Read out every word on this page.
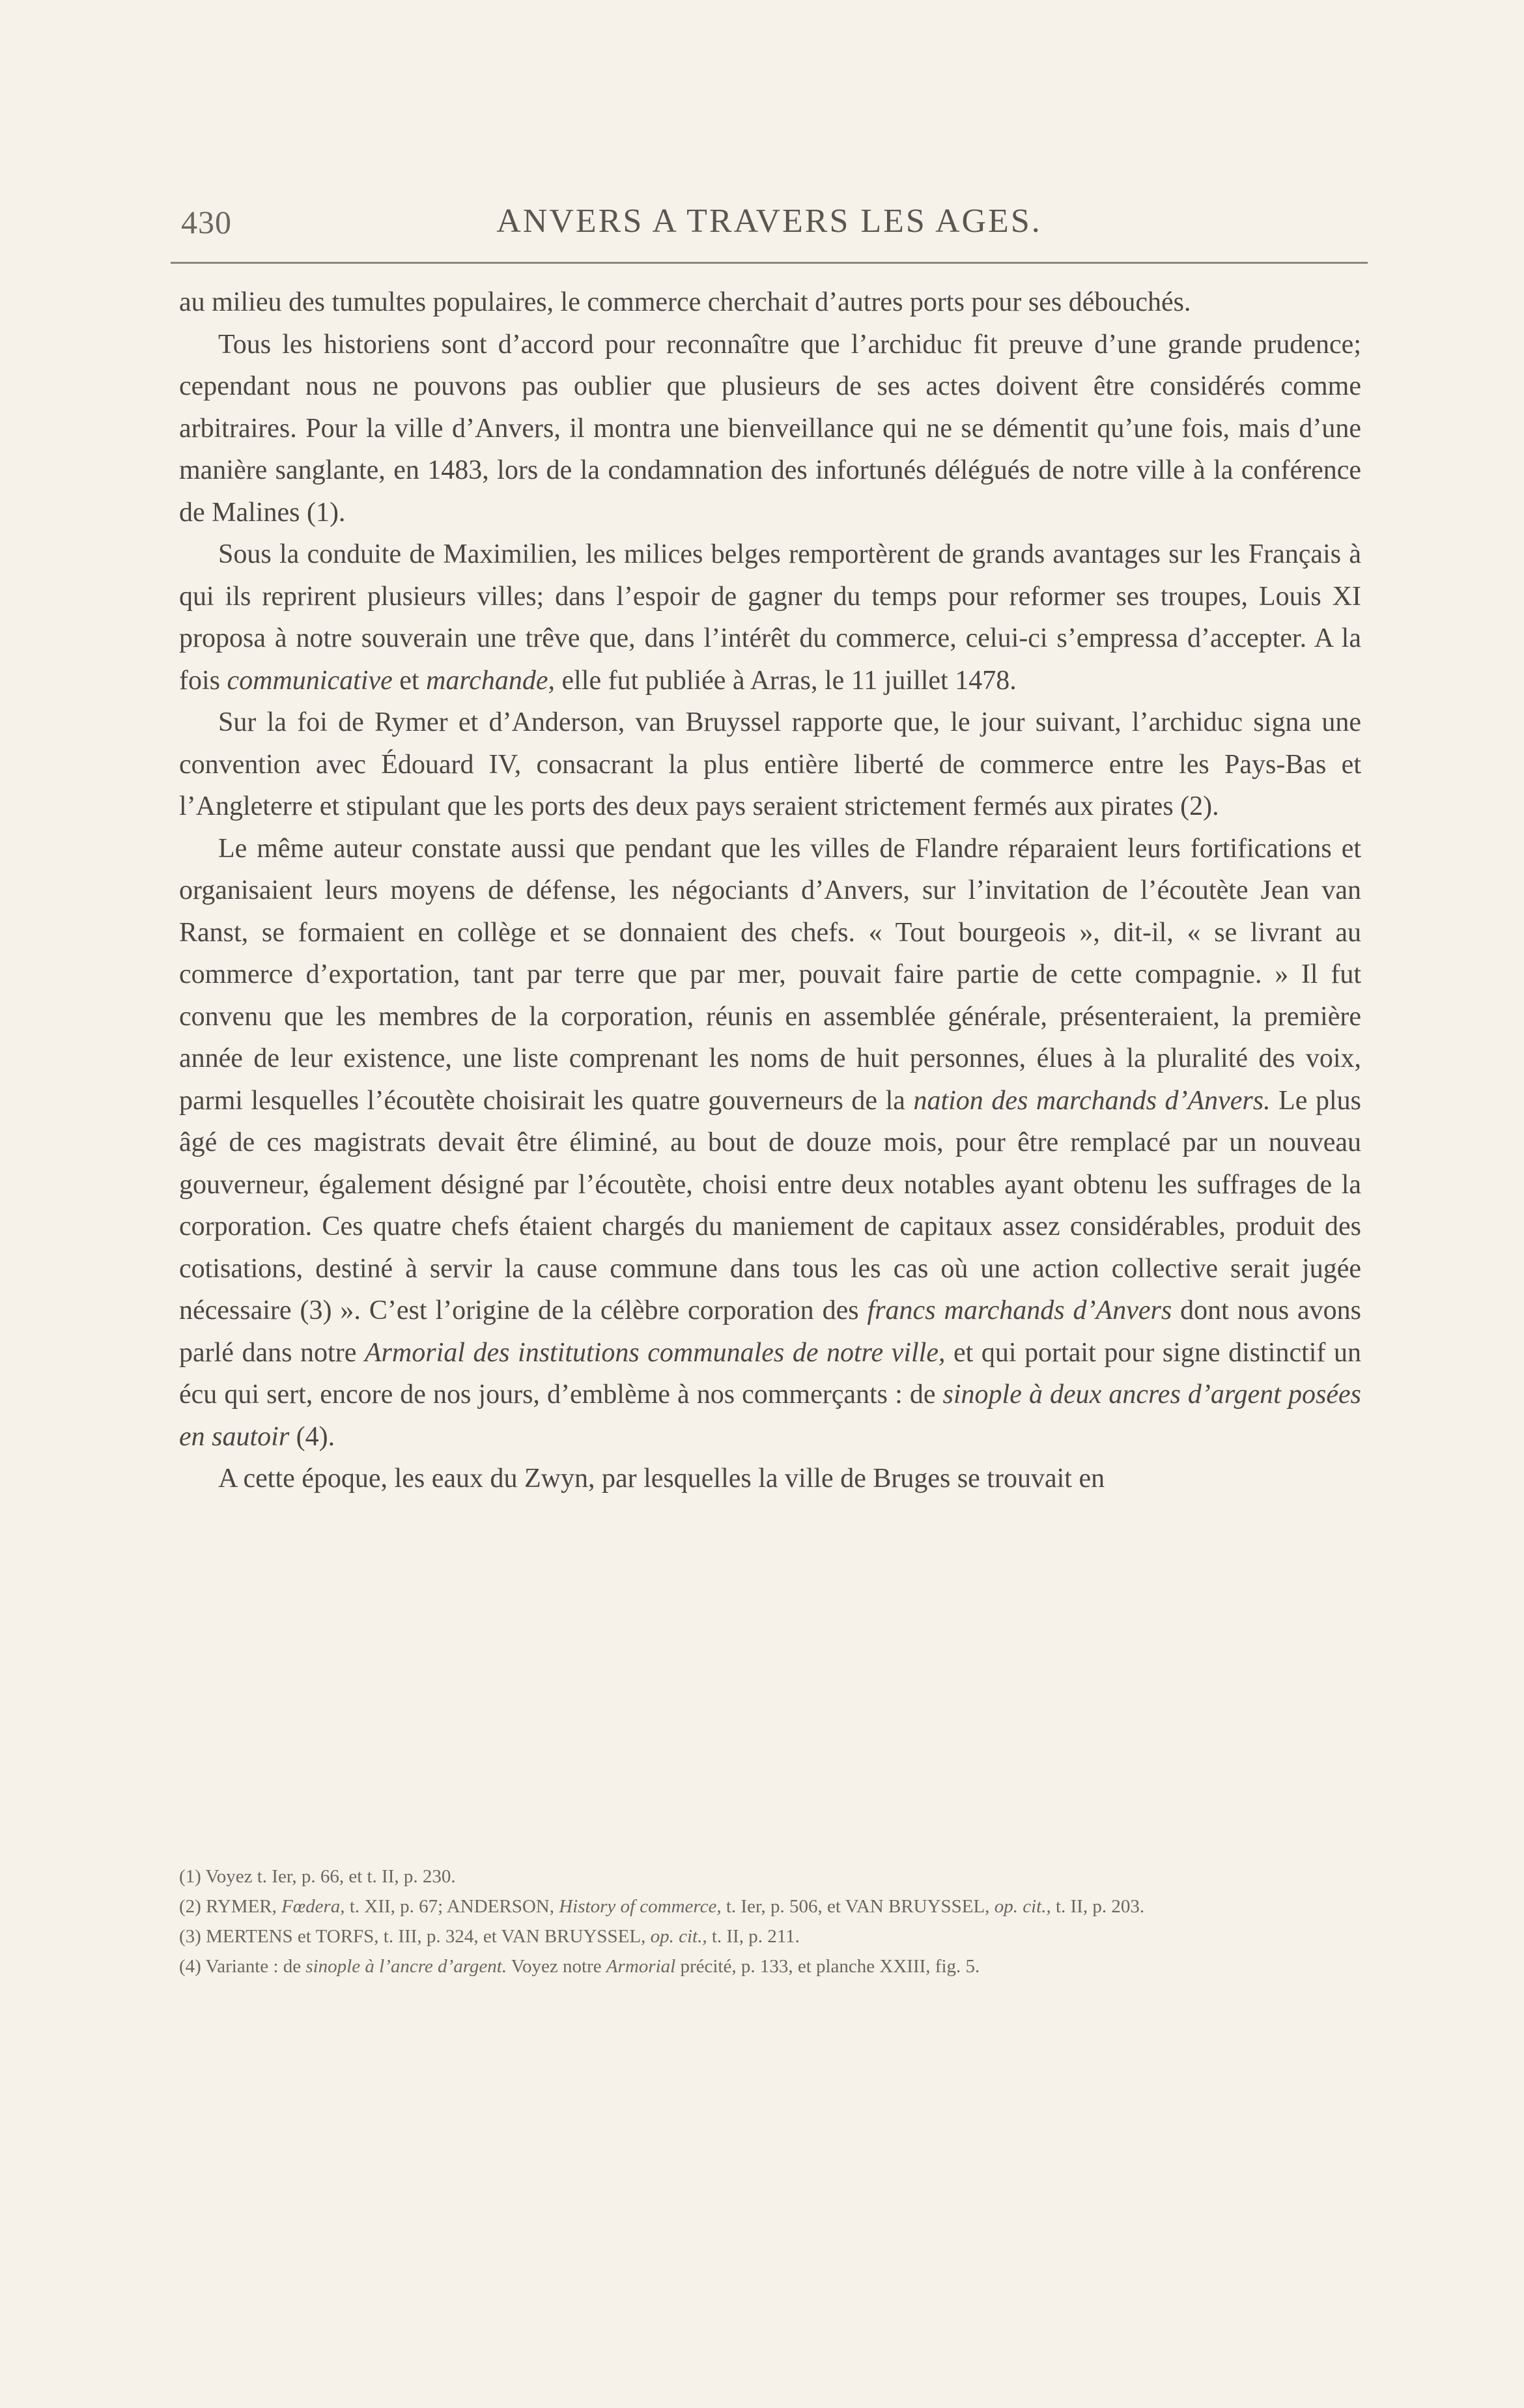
430	ANVERS A TRAVERS LES AGES.

au milieu des tumultes populaires, le commerce cherchait d’autres ports pour ses débouchés.

Tous les historiens sont d’accord pour reconnaître que l’archiduc fit preuve d’une grande prudence; cependant nous ne pouvons pas oublier que plusieurs de ses actes doivent être considérés comme arbitraires. Pour la ville d’Anvers, il montra une bienveillance qui ne se démentit qu’une fois, mais d’une manière sanglante, en 1483, lors de la condamnation des infortunés délégués de notre ville à la conférence de Malines (1).

Sous la conduite de Maximilien, les milices belges remportèrent de grands avantages sur les Français à qui ils reprirent plusieurs villes; dans l’espoir de gagner du temps pour reformer ses troupes, Louis XI proposa à notre souverain une trêve que, dans l’intérêt du commerce, celui-ci s’empressa d’accepter. A la fois communicative et marchande, elle fut publiée à Arras, le 11 juillet 1478.

Sur la foi de Rymer et d’Anderson, van Bruyssel rapporte que, le jour suivant, l’archiduc signa une convention avec Édouard IV, consacrant la plus entière liberté de commerce entre les Pays-Bas et l’Angleterre et stipulant que les ports des deux pays seraient strictement fermés aux pirates (2).

Le même auteur constate aussi que pendant que les villes de Flandre réparaient leurs fortifications et organisaient leurs moyens de défense, les négociants d’Anvers, sur l’invitation de l’écoutète Jean van Ranst, se formaient en collège et se donnaient des chefs. « Tout bourgeois », dit-il, « se livrant au commerce d’exportation, tant par terre que par mer, pouvait faire partie de cette compagnie. » Il fut convenu que les membres de la corporation, réunis en assemblée générale, présenteraient, la première année de leur existence, une liste comprenant les noms de huit personnes, élues à la pluralité des voix, parmi lesquelles l’écoutète choisirait les quatre gouverneurs de la nation des marchands d’Anvers. Le plus âgé de ces magistrats devait être éliminé, au bout de douze mois, pour être remplacé par un nouveau gouverneur, également désigné par l’écoutète, choisi entre deux notables ayant obtenu les suffrages de la corporation. Ces quatre chefs étaient chargés du maniement de capitaux assez considérables, produit des cotisations, destiné à servir la cause commune dans tous les cas où une action collective serait jugée nécessaire (3) ». C’est l’origine de la célèbre corporation des francs marchands d’Anvers dont nous avons parlé dans notre Armorial des institutions communales de notre ville, et qui portait pour signe distinctif un écu qui sert, encore de nos jours, d’emblème à nos commerçants : de sinople à deux ancres d’argent posées en sautoir (4).

A cette époque, les eaux du Zwyn, par lesquelles la ville de Bruges se trouvait en

(1) Voyez t. Ier, p. 66, et t. II, p. 230.

(2) RYMER, Fœdera, t. XII, p. 67; ANDERSON, History of commerce, t. Ier, p. 506, et VAN BRUYSSEL, op. cit., t. II, p. 203.

(3) MERTENS et TORFS, t. III, p. 324, et VAN BRUYSSEL, op. cit., t. II, p. 211.

(4) Variante : de sinople à l’ancre d’argent. Voyez notre Armorial précité, p. 133, et planche XXIII, fig. 5.
